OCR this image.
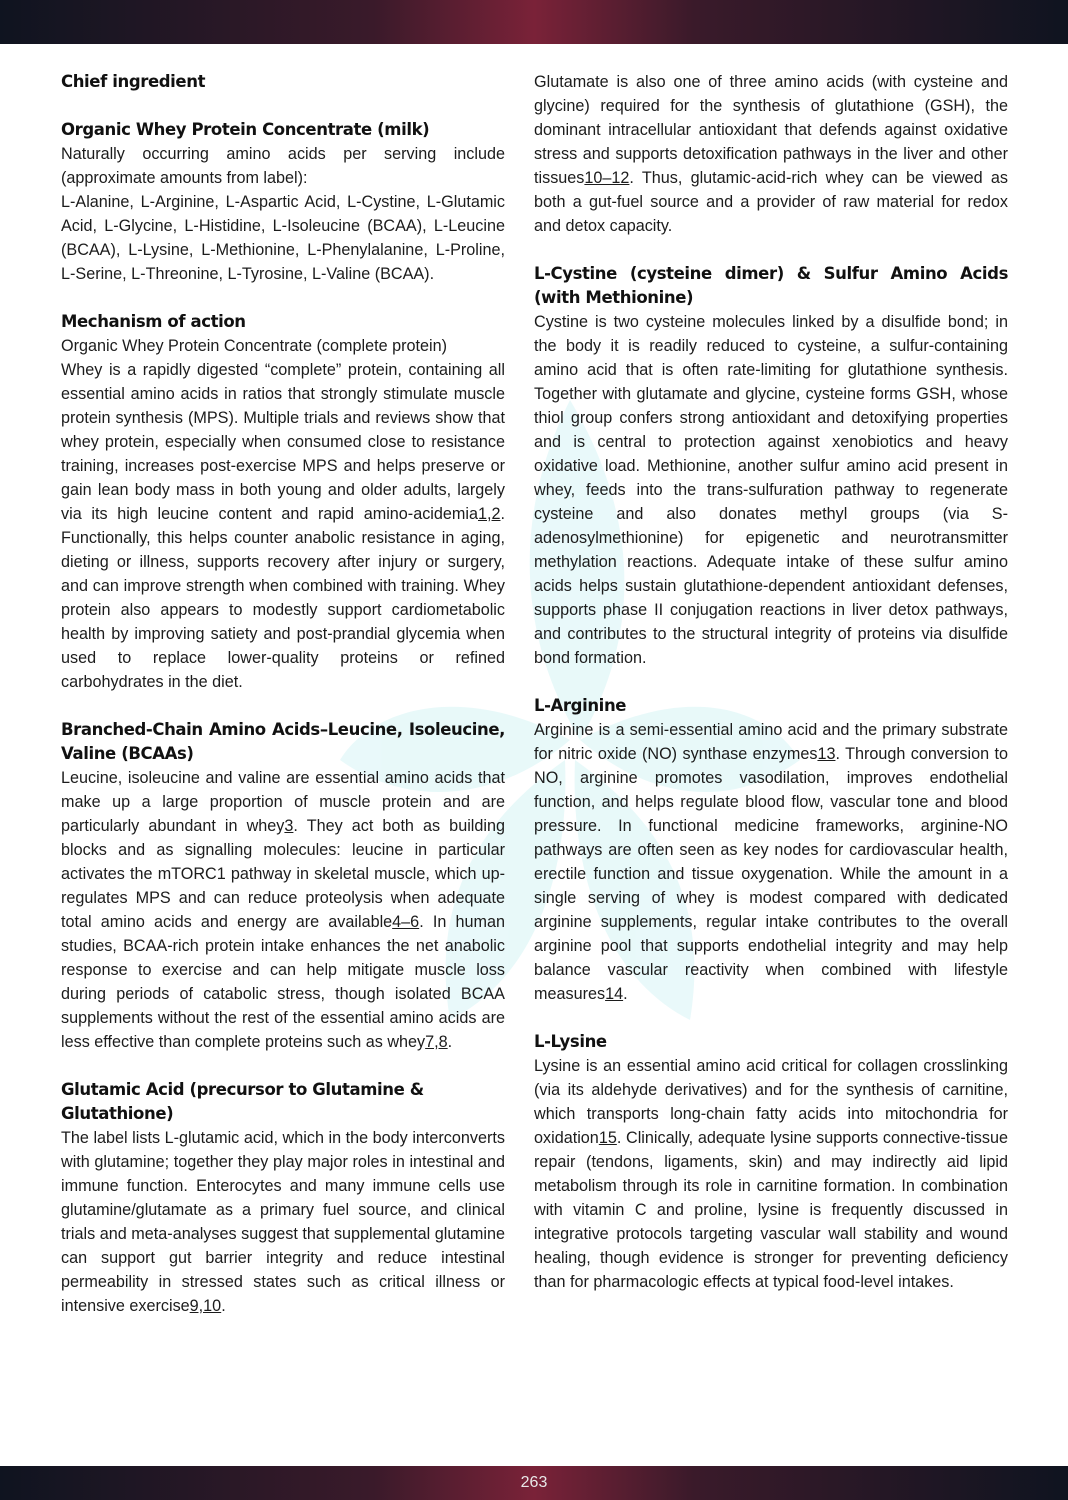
Chief ingredient
Organic Whey Protein Concentrate (milk)

Naturally occurring amino acids per serving include (approximate amounts from label):

L-Alanine, L-Arginine, L-Aspartic Acid, L-Cystine, L-Glutamic Acid, L-Glycine, L-Histidine, L-Isoleucine (BCAA), L-Leucine (BCAA), L-Lysine, L-Methionine, L-Phenylalanine, L-Proline, L-Serine, L-Threonine, L-Tyrosine, L-Valine (BCAA).

Mechanism of action

Organic Whey Protein Concentrate (complete protein)

Whey is a rapidly digested “complete” protein, containing all essential amino acids in ratios that strongly stimulate muscle protein synthesis (MPS). Multiple trials and reviews show that whey protein, especially when consumed close to resistance training, increases post-exercise MPS and helps preserve or gain lean body mass in both young and older adults, largely via its high leucine content and rapid amino-acidemia1,2. Functionally, this helps counter anabolic resistance in aging, dieting or illness, supports recovery after injury or surgery, and can improve strength when combined with training. Whey protein also appears to modestly support cardiometabolic health by improving satiety and post-prandial glycemia when used to replace lower-quality proteins or refined carbohydrates in the diet.

Branched-Chain Amino Acids–Leucine, Isoleucine, Valine (BCAAs)

Leucine, isoleucine and valine are essential amino acids that make up a large proportion of muscle protein and are particularly abundant in whey3. They act both as building blocks and as signalling molecules: leucine in particular activates the mTORC1 pathway in skeletal muscle, which up-regulates MPS and can reduce proteolysis when adequate total amino acids and energy are available4–6. In human studies, BCAA-rich protein intake enhances the net anabolic response to exercise and can help mitigate muscle loss during periods of catabolic stress, though isolated BCAA supplements without the rest of the essential amino acids are less effective than complete proteins such as whey7,8.

Glutamic Acid (precursor to Glutamine & Glutathione)

The label lists L-glutamic acid, which in the body interconverts with glutamine; together they play major roles in intestinal and immune function. Enterocytes and many immune cells use glutamine/glutamate as a primary fuel source, and clinical trials and meta-analyses suggest that supplemental glutamine can support gut barrier integrity and reduce intestinal permeability in stressed states such as critical illness or intensive exercise9,10.

Glutamate is also one of three amino acids (with cysteine and glycine) required for the synthesis of glutathione (GSH), the dominant intracellular antioxidant that defends against oxidative stress and supports detoxification pathways in the liver and other tissues10–12. Thus, glutamic-acid-rich whey can be viewed as both a gut-fuel source and a provider of raw material for redox and detox capacity.

L-Cystine (cysteine dimer) & Sulfur Amino Acids (with Methionine)

Cystine is two cysteine molecules linked by a disulfide bond; in the body it is readily reduced to cysteine, a sulfur-containing amino acid that is often rate-limiting for glutathione synthesis. Together with glutamate and glycine, cysteine forms GSH, whose thiol group confers strong antioxidant and detoxifying properties and is central to protection against xenobiotics and heavy oxidative load. Methionine, another sulfur amino acid present in whey, feeds into the trans-sulfuration pathway to regenerate cysteine and also donates methyl groups (via S-adenosylmethionine) for epigenetic and neurotransmitter methylation reactions. Adequate intake of these sulfur amino acids helps sustain glutathione-dependent antioxidant defenses, supports phase II conjugation reactions in liver detox pathways, and contributes to the structural integrity of proteins via disulfide bond formation.

L-Arginine

Arginine is a semi-essential amino acid and the primary substrate for nitric oxide (NO) synthase enzymes13. Through conversion to NO, arginine promotes vasodilation, improves endothelial function, and helps regulate blood flow, vascular tone and blood pressure. In functional medicine frameworks, arginine-NO pathways are often seen as key nodes for cardiovascular health, erectile function and tissue oxygenation. While the amount in a single serving of whey is modest compared with dedicated arginine supplements, regular intake contributes to the overall arginine pool that supports endothelial integrity and may help balance vascular reactivity when combined with lifestyle measures14.

L-Lysine

Lysine is an essential amino acid critical for collagen crosslinking (via its aldehyde derivatives) and for the synthesis of carnitine, which transports long-chain fatty acids into mitochondria for oxidation15. Clinically, adequate lysine supports connective-tissue repair (tendons, ligaments, skin) and may indirectly aid lipid metabolism through its role in carnitine formation. In combination with vitamin C and proline, lysine is frequently discussed in integrative protocols targeting vascular wall stability and wound healing, though evidence is stronger for preventing deficiency than for pharmacologic effects at typical food-level intakes.

263
